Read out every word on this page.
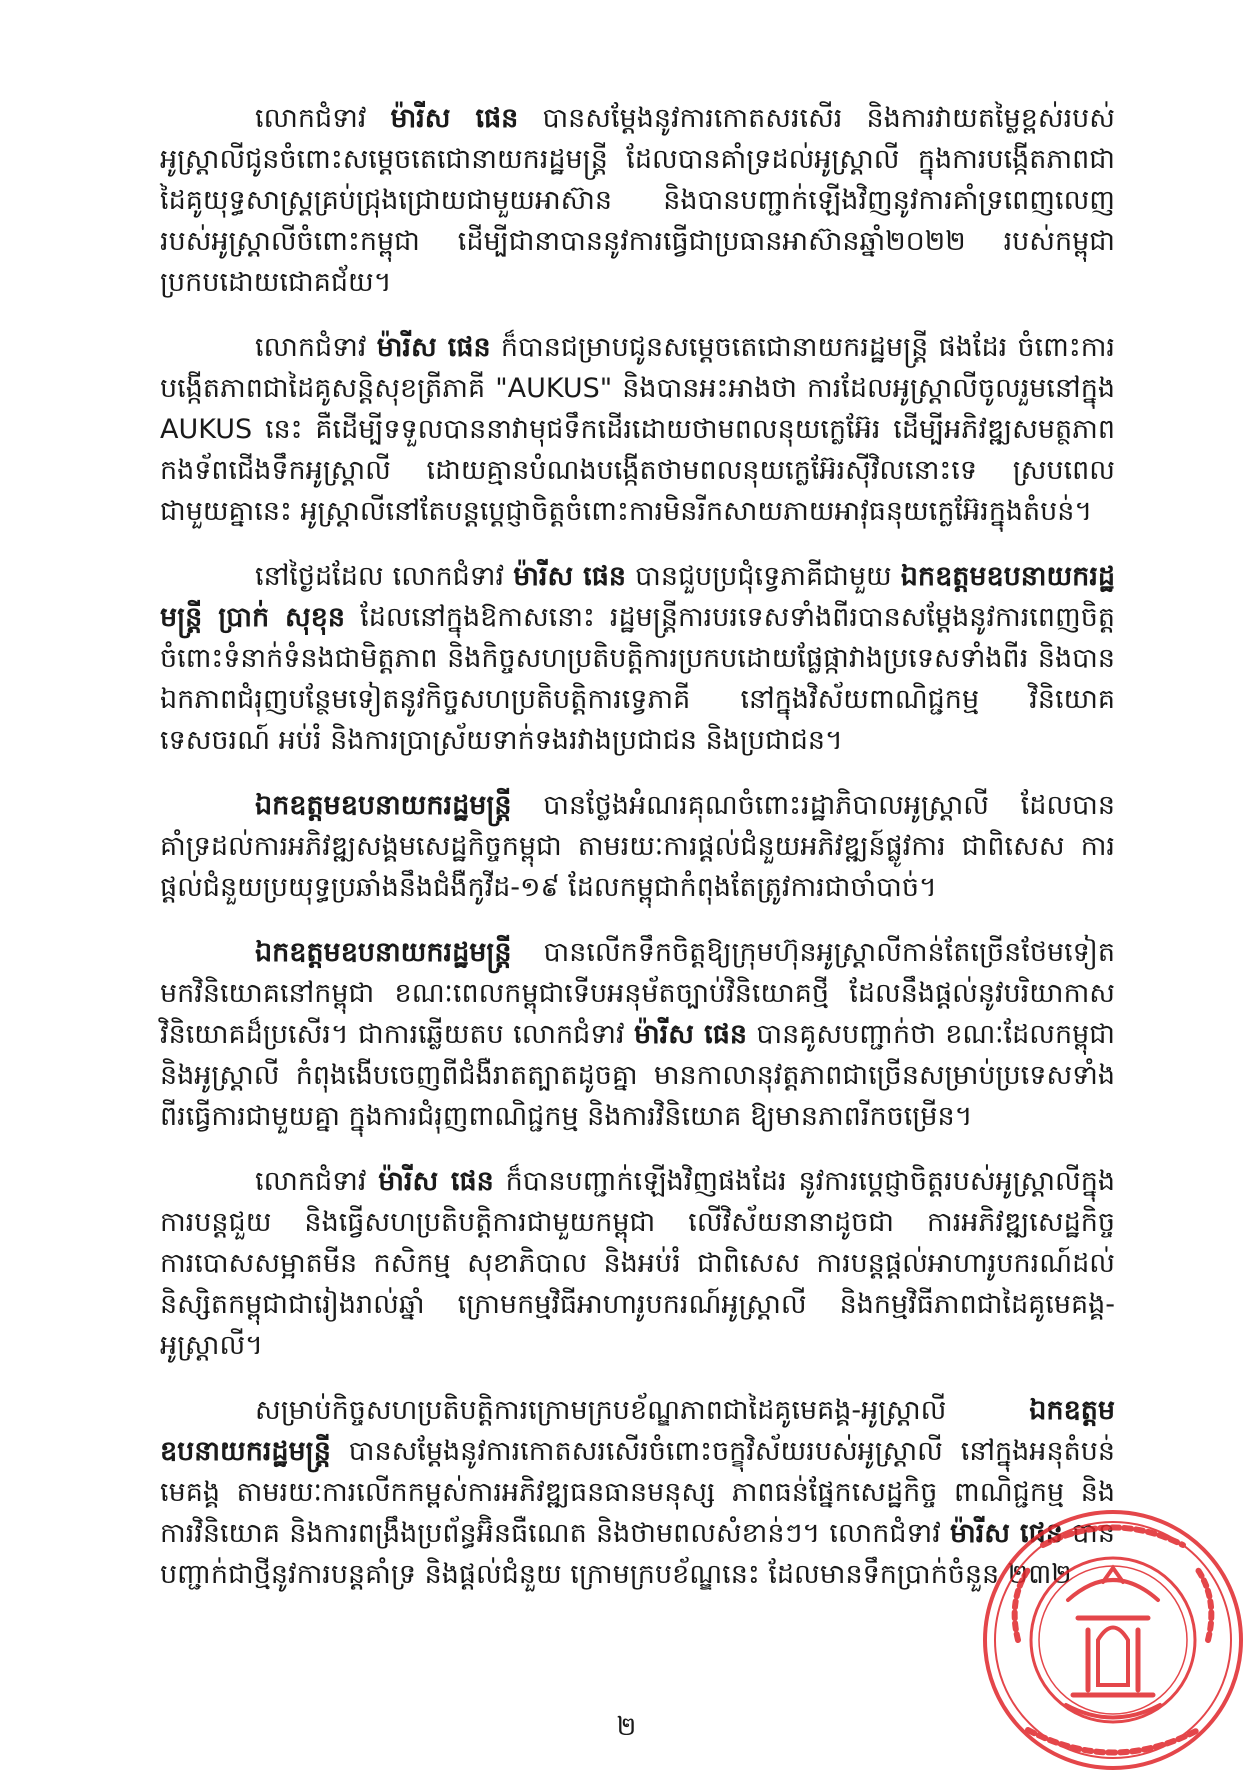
លោកជំទាវ ម៉ារីស ផេន បានសម្តែងនូវការកោតសរសើរ និងការវាយតម្លៃខ្ពស់របស់អូស្ត្រាលីជូនចំពោះសម្តេចតេជោនាយករដ្ឋមន្ត្រី ដែលបានគាំទ្រដល់អូស្ត្រាលី ក្នុងការបង្កើតភាពជាដៃគូយុទ្ធសាស្ត្រគ្រប់ជ្រុងជ្រោយជាមួយអាស៊ាន និងបានបញ្ជាក់ឡើងវិញនូវការគាំទ្រពេញលេញ របស់អូស្ត្រាលីចំពោះកម្ពុជា ដើម្បីជានាបាននូវការធ្វើជាប្រធានអាស៊ានឆ្នាំ២០២២ របស់កម្ពុជាប្រកបដោយជោគជ័យ។

លោកជំទាវ ម៉ារីស ផេន ក៏បានជម្រាបជូនសម្តេចតេជោនាយករដ្ឋមន្ត្រី ផងដែរ ចំពោះការបង្កើតភាពជាដៃគូសន្តិសុខត្រីភាគី "AUKUS" និងបានអះអាងថា ការដែលអូស្ត្រាលីចូលរួមនៅក្នុង AUKUS នេះ គឺដើម្បីទទួលបាននាវាមុជទឹកដើរដោយថាមពលនុយក្លេអ៊ែរ ដើម្បីអភិវឌ្ឍសមត្ថភាពកងទ័ពជើងទឹកអូស្ត្រាលី ដោយគ្មានបំណងបង្កើតថាមពលនុយក្លេអ៊ែរស៊ីវិលនោះទេ ស្របពេលជាមួយគ្នានេះ អូស្ត្រាលីនៅតែបន្តប្តេជ្ញាចិត្តចំពោះការមិនរីកសាយភាយអាវុធនុយក្លេអ៊ែរក្នុងតំបន់។

នៅថ្ងៃដដែល លោកជំទាវ ម៉ារីស ផេន បានជួបប្រជុំទ្វេភាគីជាមួយ ឯកឧត្តមឧបនាយករដ្ឋមន្ត្រី ប្រាក់ សុខុន ដែលនៅក្នុងឱកាសនោះ រដ្ឋមន្ត្រីការបរទេសទាំងពីរបានសម្តែងនូវការពេញចិត្តចំពោះទំនាក់ទំនងជាមិត្តភាព និងកិច្ចសហប្រតិបត្តិការប្រកបដោយផ្លែផ្កាវាងប្រទេសទាំងពីរ និងបានឯកភាពជំរុញបន្ថែមទៀតនូវកិច្ចសហប្រតិបត្តិការទ្វេភាគី នៅក្នុងវិស័យពាណិជ្ជកម្ម វិនិយោគ ទេសចរណ៍ អប់រំ និងការប្រាស្រ័យទាក់ទងរវាងប្រជាជន និងប្រជាជន។

ឯកឧត្តមឧបនាយករដ្ឋមន្ត្រី បានថ្លែងអំណរគុណចំពោះរដ្ឋាភិបាលអូស្ត្រាលី ដែលបានគាំទ្រដល់ការអភិវឌ្ឍសង្គមសេដ្ឋកិច្ចកម្ពុជា តាមរយៈការផ្តល់ជំនួយអភិវឌ្ឍន៍ផ្លូវការ ជាពិសេស ការផ្តល់ជំនួយប្រយុទ្ធប្រឆាំងនឹងជំងឺកូវីដ-១៩ ដែលកម្ពុជាកំពុងតែត្រូវការជាចាំបាច់។

ឯកឧត្តមឧបនាយករដ្ឋមន្ត្រី បានលើកទឹកចិត្តឱ្យក្រុមហ៊ុនអូស្ត្រាលីកាន់តែច្រើនថែមទៀតមកវិនិយោគនៅកម្ពុជា ខណៈពេលកម្ពុជាទើបអនុម័តច្បាប់វិនិយោគថ្មី ដែលនឹងផ្តល់នូវបរិយាកាសវិនិយោគដ៏ប្រសើរ។ ជាការឆ្លើយតប លោកជំទាវ ម៉ារីស ផេន បានគូសបញ្ជាក់ថា ខណៈដែលកម្ពុជា និងអូស្ត្រាលី កំពុងងើបចេញពីជំងឺរាតត្បាតដូចគ្នា មានកាលានុវត្តភាពជាច្រើនសម្រាប់ប្រទេសទាំងពីរធ្វើការជាមួយគ្នា ក្នុងការជំរុញពាណិជ្ជកម្ម និងការវិនិយោគ ឱ្យមានភាពរីកចម្រើន។

លោកជំទាវ ម៉ារីស ផេន ក៏បានបញ្ជាក់ឡើងវិញផងដែរ នូវការប្តេជ្ញាចិត្តរបស់អូស្ត្រាលីក្នុងការបន្តជួយ និងធ្វើសហប្រតិបត្តិការជាមួយកម្ពុជា លើវិស័យនានាដូចជា ការអភិវឌ្ឍសេដ្ឋកិច្ច ការបោសសម្អាតមីន កសិកម្ម សុខាភិបាល និងអប់រំ ជាពិសេស ការបន្តផ្តល់អាហារូបករណ៍ដល់និស្សិតកម្ពុជាជារៀងរាល់ឆ្នាំ ក្រោមកម្មវិធីអាហារូបករណ៍អូស្ត្រាលី និងកម្មវិធីភាពជាដៃគូមេគង្គ-អូស្ត្រាលី។

សម្រាប់កិច្ចសហប្រតិបត្តិការក្រោមក្របខ័ណ្ឌភាពជាដៃគូមេគង្គ-អូស្ត្រាលី ឯកឧត្តមឧបនាយករដ្ឋមន្ត្រី បានសម្តែងនូវការកោតសរសើរចំពោះចក្ខុវិស័យរបស់អូស្ត្រាលី នៅក្នុងអនុតំបន់មេគង្គ តាមរយៈការលើកកម្ពស់ការអភិវឌ្ឍធនធានមនុស្ស ភាពធន់ផ្នែកសេដ្ឋកិច្ច ពាណិជ្ជកម្ម និងការវិនិយោគ និងការពង្រឹងប្រព័ន្ធអ៊ិនធឺណេត និងថាមពលសំខាន់ៗ។ លោកជំទាវ ម៉ារីស ផេន បានបញ្ជាក់ជាថ្មីនូវការបន្តគាំទ្រ និងផ្តល់ជំនួយ ក្រោមក្របខ័ណ្ឌនេះ ដែលមានទឹកប្រាក់ចំនួន ២៣២

២
